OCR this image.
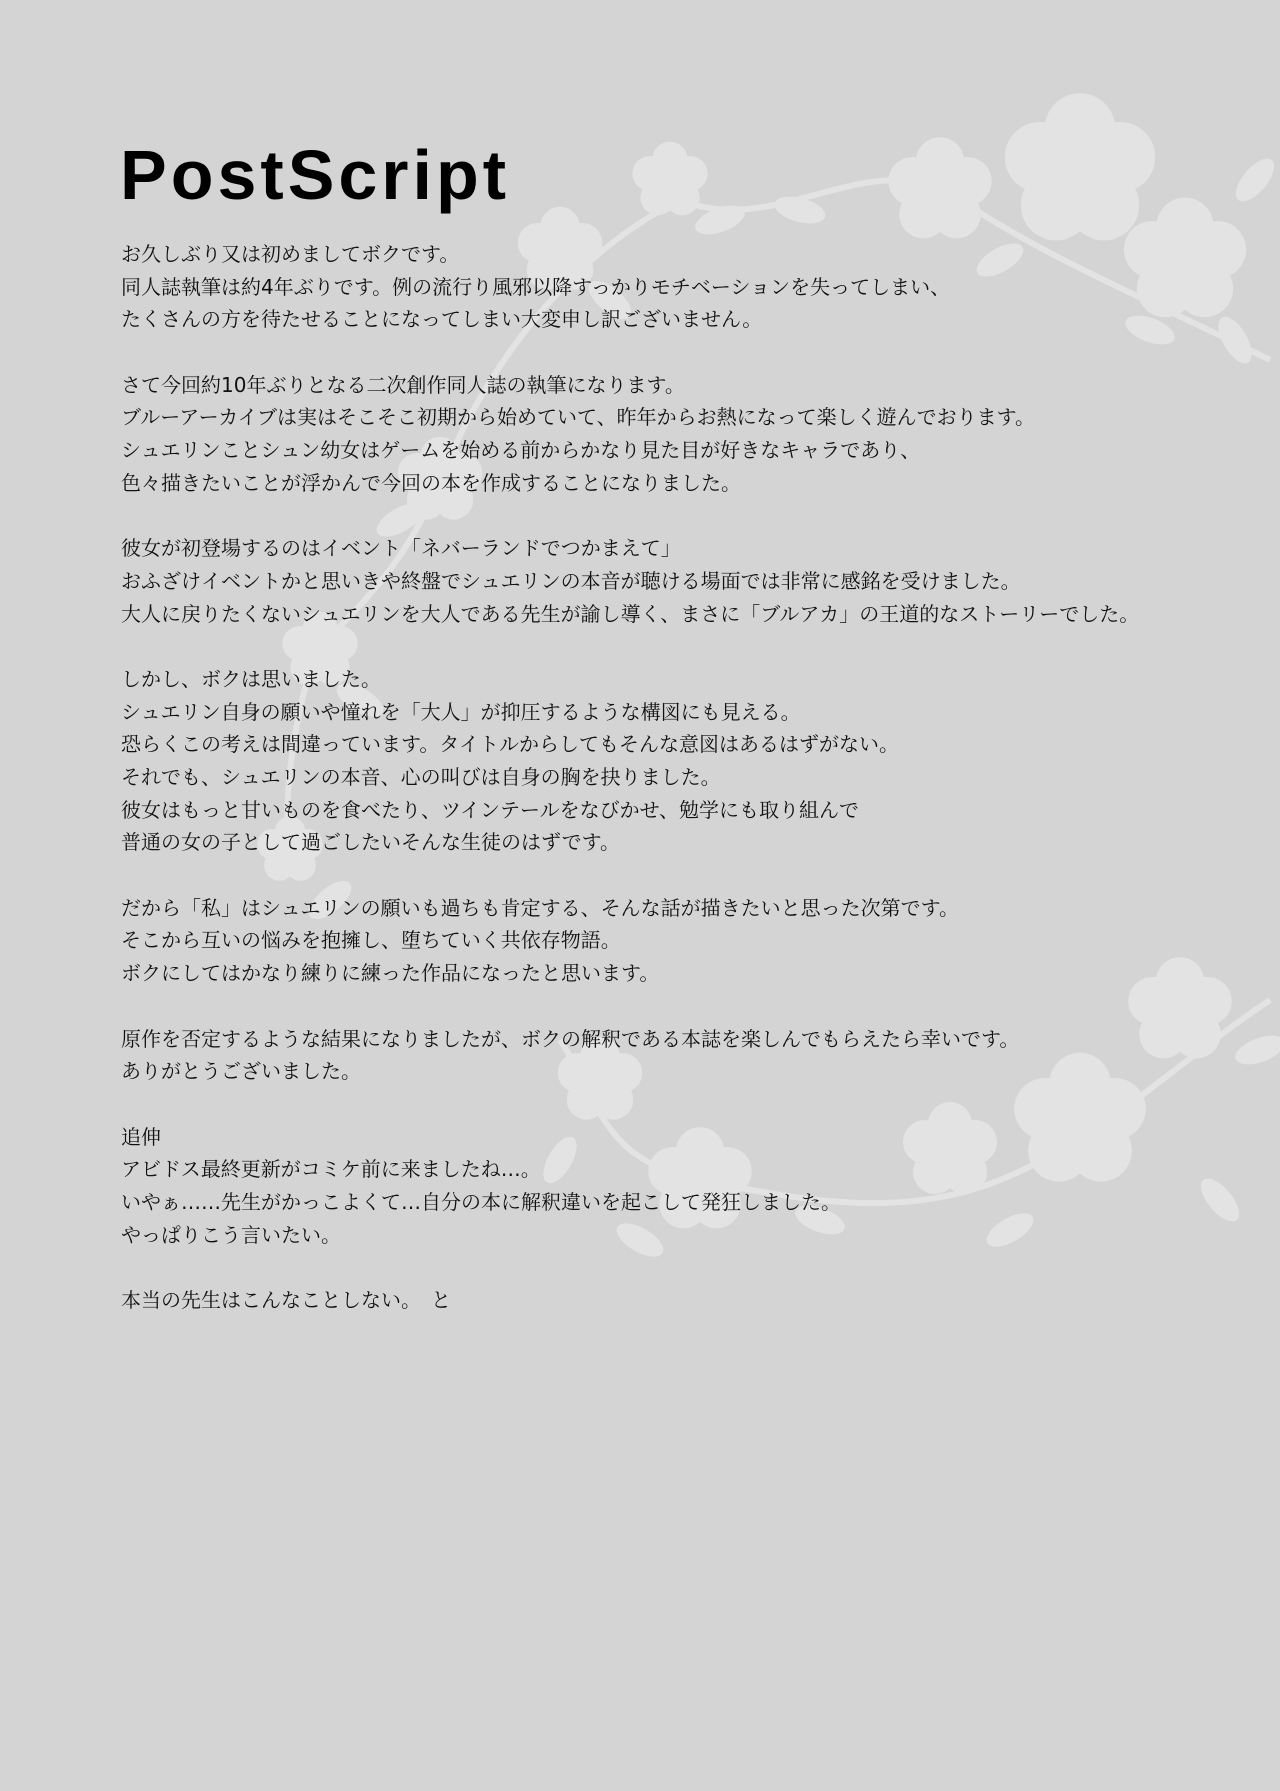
PostScript
お久しぶり又は初めましてボクです。
同人誌執筆は約4年ぶりです。例の流行り風邪以降すっかりモチベーションを失ってしまい、
たくさんの方を待たせることになってしまい大変申し訳ございません。
さて今回約10年ぶりとなる二次創作同人誌の執筆になります。
ブルーアーカイブは実はそこそこ初期から始めていて、昨年からお熱になって楽しく遊んでおります。
シュエリンことシュン幼女はゲームを始める前からかなり見た目が好きなキャラであり、
色々描きたいことが浮かんで今回の本を作成することになりました。
彼女が初登場するのはイベント「ネバーランドでつかまえて」
おふざけイベントかと思いきや終盤でシュエリンの本音が聴ける場面では非常に感銘を受けました。
大人に戻りたくないシュエリンを大人である先生が諭し導く、まさに「ブルアカ」の王道的なストーリーでした。
しかし、ボクは思いました。
シュエリン自身の願いや憧れを「大人」が抑圧するような構図にも見える。
恐らくこの考えは間違っています。タイトルからしてもそんな意図はあるはずがない。
それでも、シュエリンの本音、心の叫びは自身の胸を抉りました。
彼女はもっと甘いものを食べたり、ツインテールをなびかせ、勉学にも取り組んで
普通の女の子として過ごしたいそんな生徒のはずです。
だから「私」はシュエリンの願いも過ちも肯定する、そんな話が描きたいと思った次第です。
そこから互いの悩みを抱擁し、堕ちていく共依存物語。
ボクにしてはかなり練りに練った作品になったと思います。
原作を否定するような結果になりましたが、ボクの解釈である本誌を楽しんでもらえたら幸いです。
ありがとうございました。
追伸
アビドス最終更新がコミケ前に来ましたね…。
いやぁ……先生がかっこよくて…自分の本に解釈違いを起こして発狂しました。
やっぱりこう言いたい。
本当の先生はこんなことしない。　と
